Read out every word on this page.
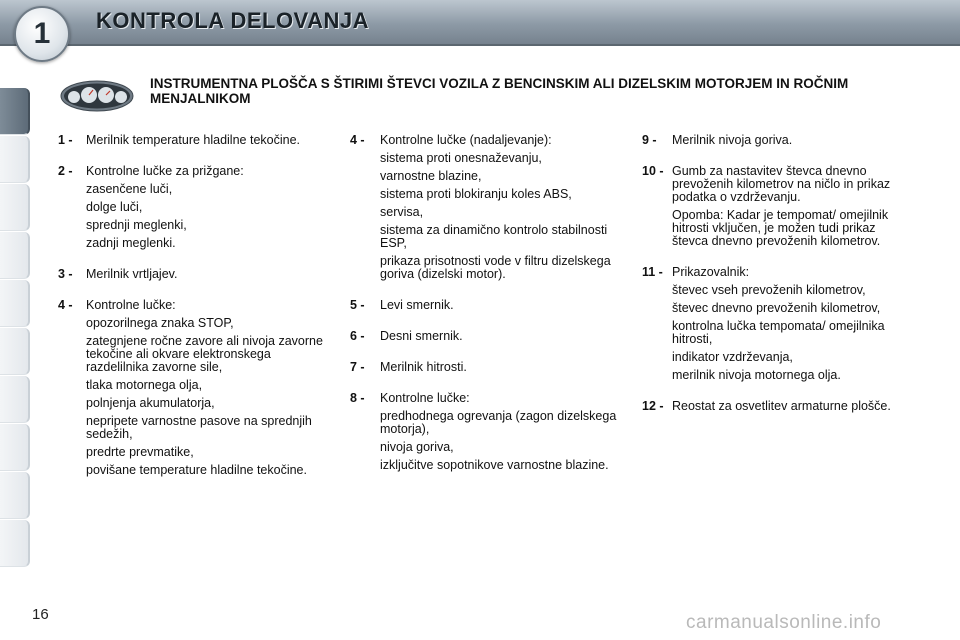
1 KONTROLA DELOVANJA
INSTRUMENTNA PLOŠČA S ŠTIRIMI ŠTEVCI VOZILA Z BENCINSKIM ALI DIZELSKIM MOTORJEM IN ROČNIM MENJALNIKOM
1 - Merilnik temperature hladilne tekočine.

2 - Kontrolne lučke za prižgane:

zasenčene luči,

dolge luči,

sprednji meglenki,

zadnji meglenki.

3 - Merilnik vrtljajev.

4 - Kontrolne lučke:

opozorilnega znaka STOP,

zategnjene ročne zavore ali nivoja zavorne tekočine ali okvare elektronskega razdelilnika zavorne sile,

tlaka motornega olja,

polnjenja akumulatorja,

nepripete varnostne pasove na sprednjih sedežih,

predrte prevmatike,

povišane temperature hladilne tekočine.

4 - Kontrolne lučke (nadaljevanje):

sistema proti onesnaževanju,

varnostne blazine,

sistema proti blokiranju koles ABS,

servisa,

sistema za dinamično kontrolo stabilnosti ESP,

prikaza prisotnosti vode v filtru dizelskega goriva (dizelski motor).

5 - Levi smernik.

6 - Desni smernik.

7 - Merilnik hitrosti.

8 - Kontrolne lučke:

predhodnega ogrevanja (zagon dizelskega motorja),

nivoja goriva,

izključitve sopotnikove varnostne blazine.

9 - Merilnik nivoja goriva.

10 - Gumb za nastavitev števca dnevno prevoženih kilometrov na ničlo in prikaz podatka o vzdrževanju.

Opomba: Kadar je tempomat/ omejilnik hitrosti vključen, je možen tudi prikaz števca dnevno prevoženih kilometrov.

11 - Prikazovalnik:

števec vseh prevoženih kilometrov,

števec dnevno prevoženih kilometrov,

kontrolna lučka tempomata/ omejilnika hitrosti,

indikator vzdrževanja,

merilnik nivoja motornega olja.

12 - Reostat za osvetlitev armaturne plošče.

16	carmanualsonline.info
